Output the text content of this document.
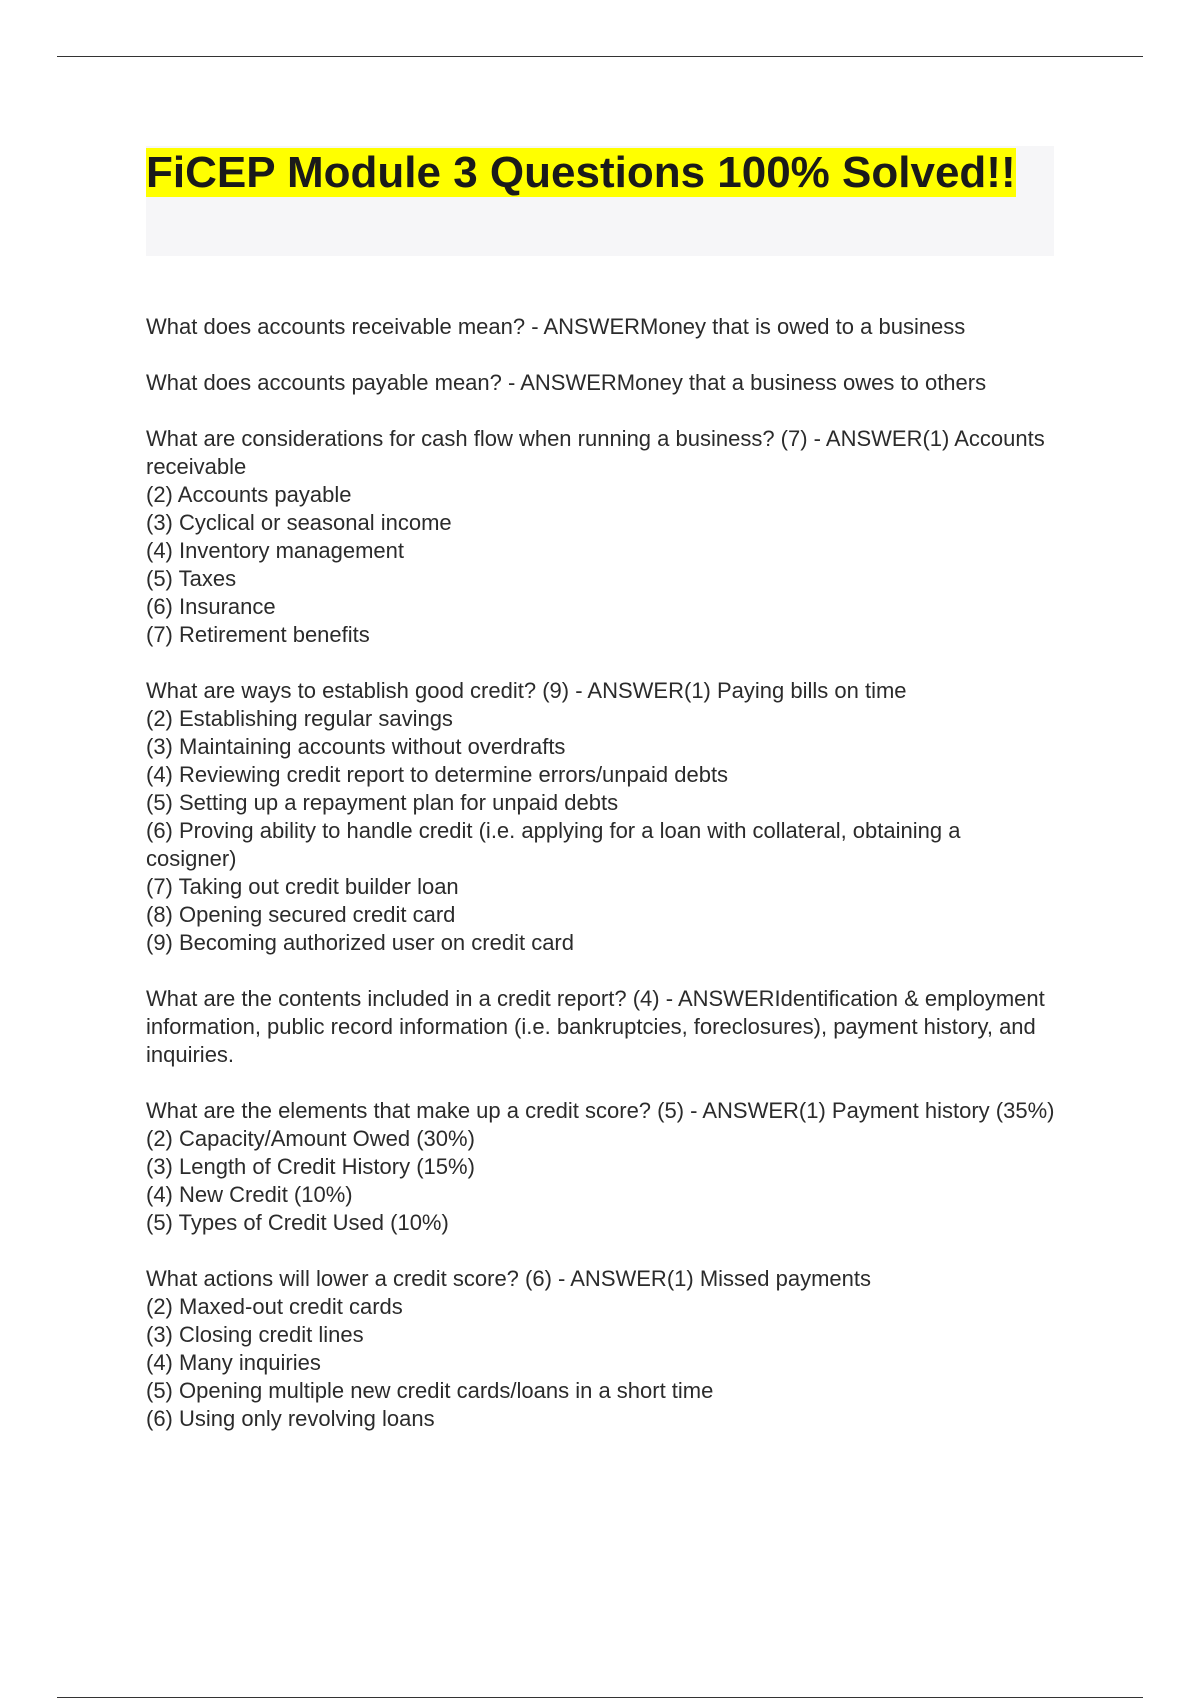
FiCEP Module 3 Questions 100% Solved!!
What does accounts receivable mean? - ANSWERMoney that is owed to a business
What does accounts payable mean? - ANSWERMoney that a business owes to others
What are considerations for cash flow when running a business? (7) - ANSWER(1) Accounts receivable
(2) Accounts payable
(3) Cyclical or seasonal income
(4) Inventory management
(5) Taxes
(6) Insurance
(7) Retirement benefits
What are ways to establish good credit? (9) - ANSWER(1) Paying bills on time
(2) Establishing regular savings
(3) Maintaining accounts without overdrafts
(4) Reviewing credit report to determine errors/unpaid debts
(5) Setting up a repayment plan for unpaid debts
(6) Proving ability to handle credit (i.e. applying for a loan with collateral, obtaining a cosigner)
(7) Taking out credit builder loan
(8) Opening secured credit card
(9) Becoming authorized user on credit card
What are the contents included in a credit report? (4) - ANSWERIdentification & employment information, public record information (i.e. bankruptcies, foreclosures), payment history, and inquiries.
What are the elements that make up a credit score? (5) - ANSWER(1) Payment history (35%)
(2) Capacity/Amount Owed (30%)
(3) Length of Credit History (15%)
(4) New Credit (10%)
(5) Types of Credit Used (10%)
What actions will lower a credit score? (6) - ANSWER(1) Missed payments
(2) Maxed-out credit cards
(3) Closing credit lines
(4) Many inquiries
(5) Opening multiple new credit cards/loans in a short time
(6) Using only revolving loans
